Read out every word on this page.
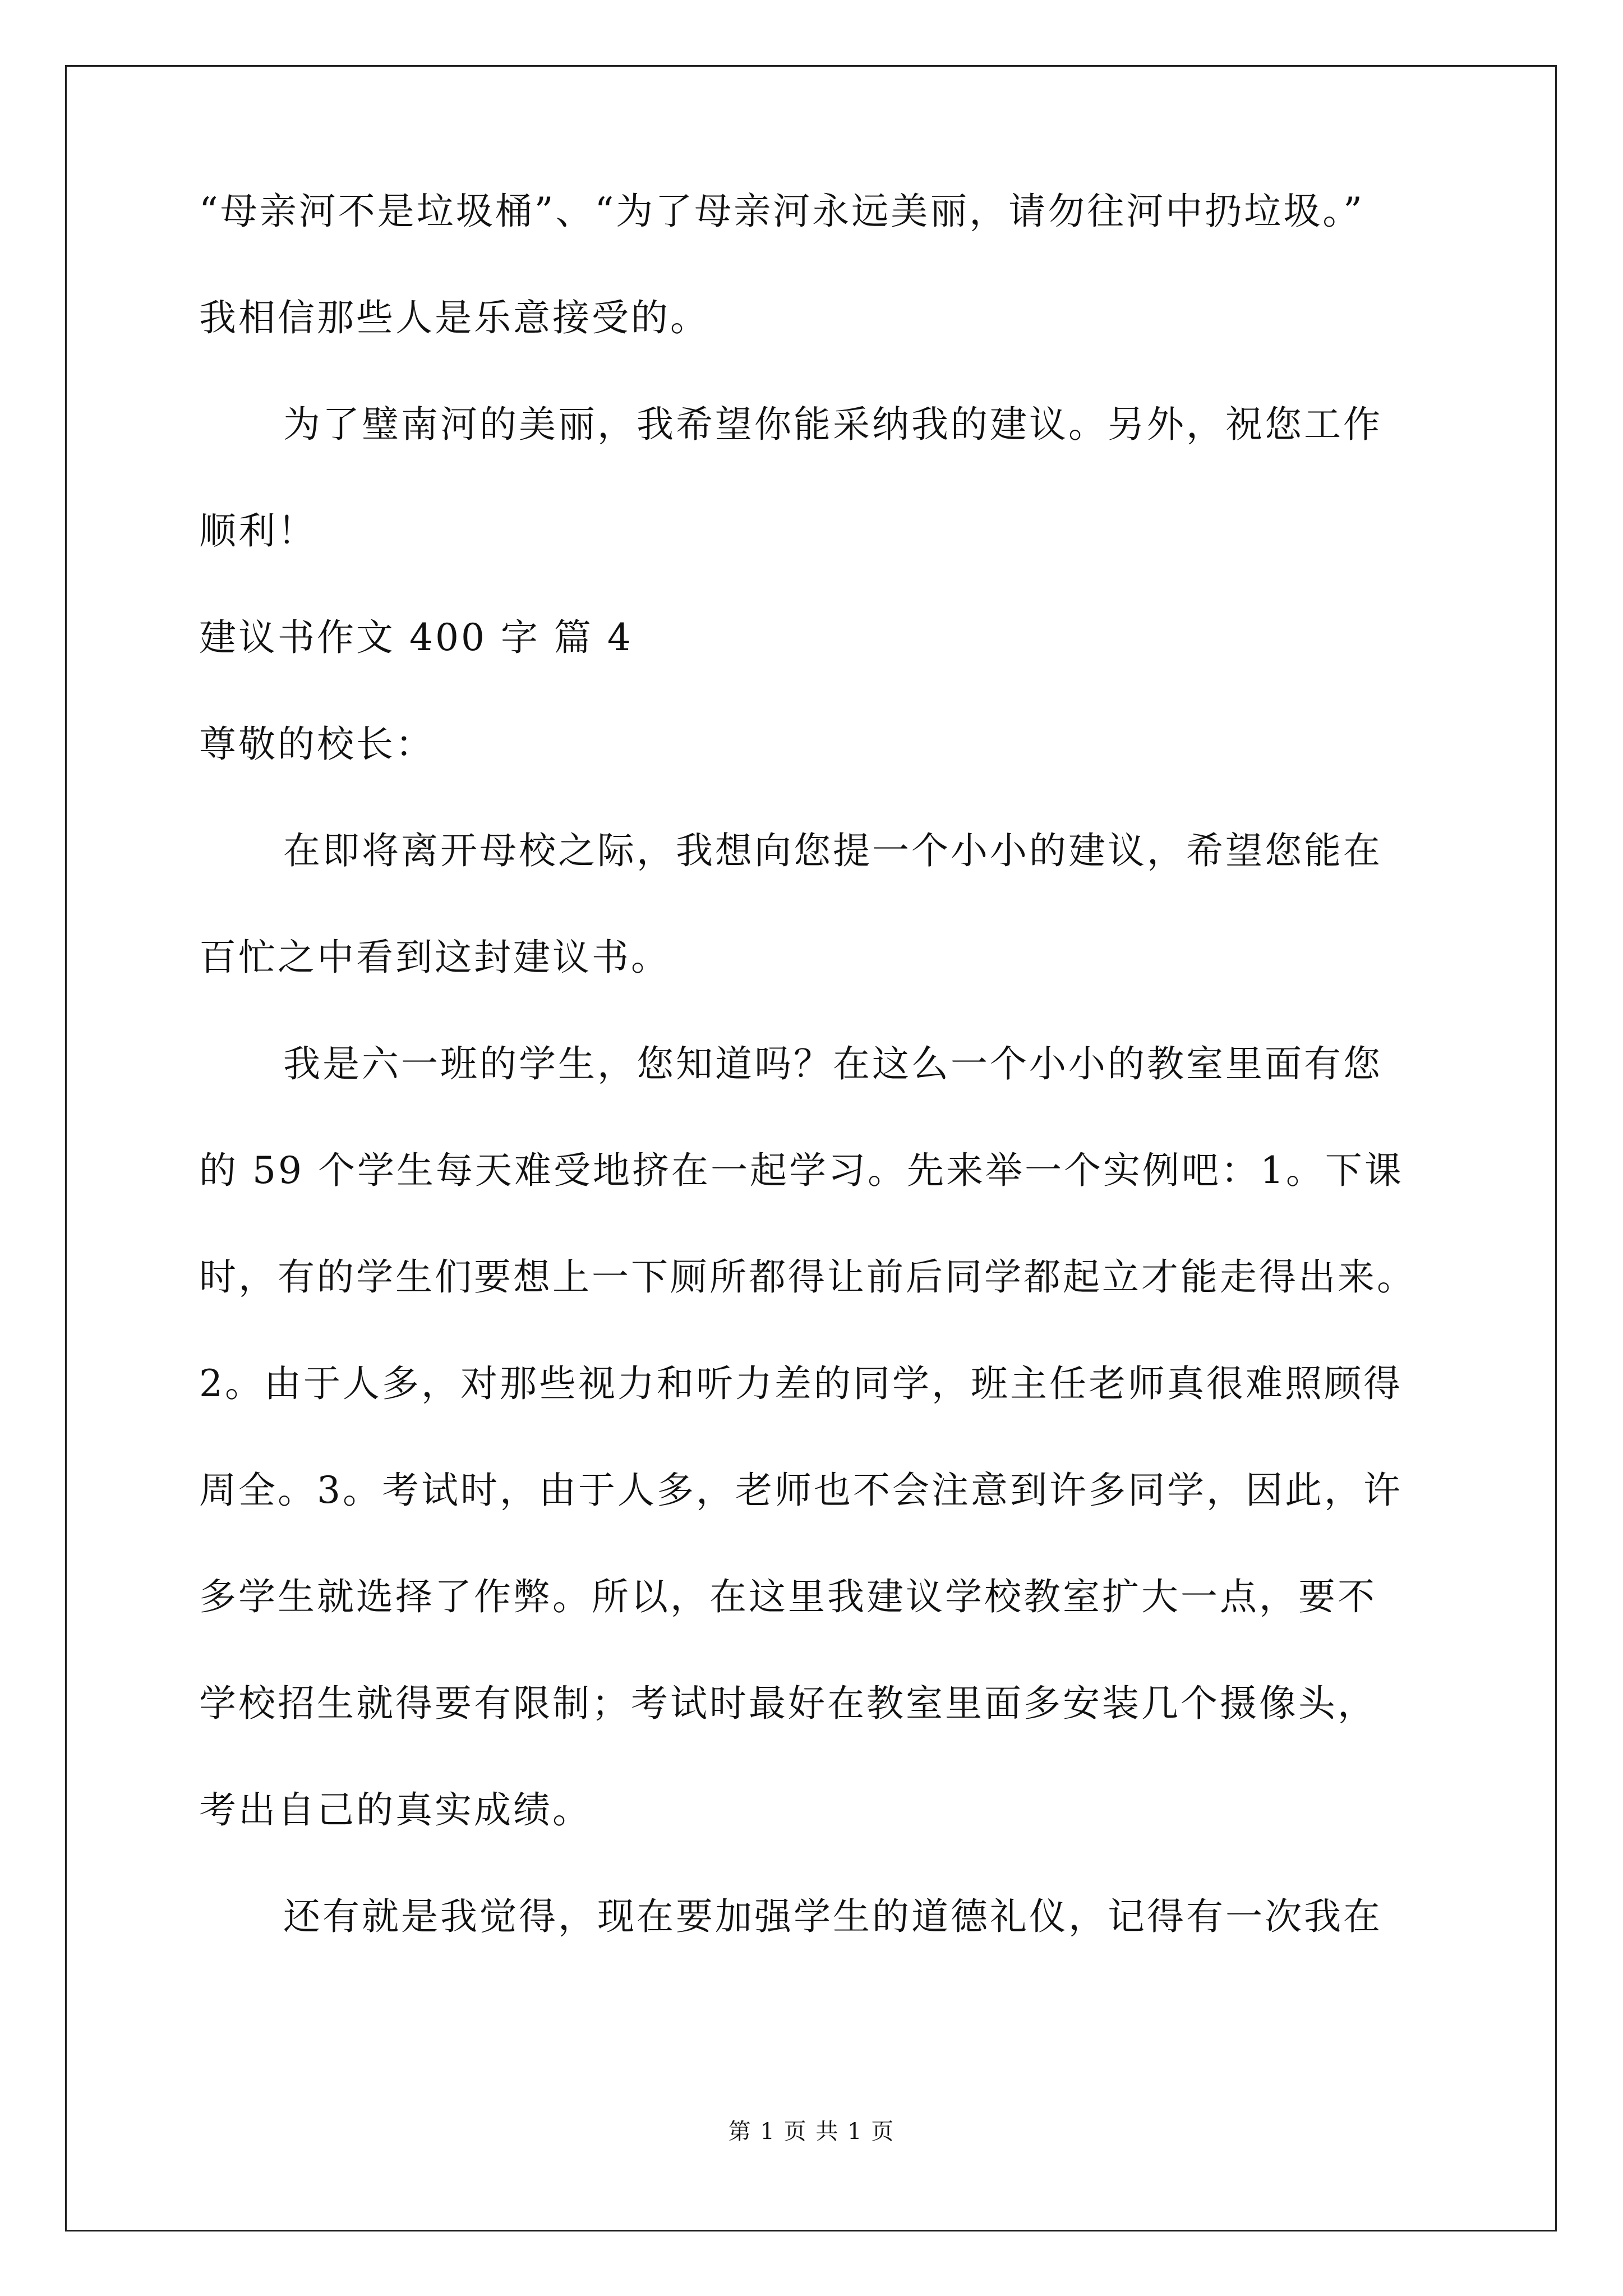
“母亲河不是垃圾桶”、“为了母亲河永远美丽，请勿往河中扔垃圾。”
我相信那些人是乐意接受的。
为了璧南河的美丽，我希望你能采纳我的建议。另外，祝您工作
顺利！
建议书作文 400 字 篇 4
尊敬的校长：
在即将离开母校之际，我想向您提一个小小的建议，希望您能在
百忙之中看到这封建议书。
我是六一班的学生，您知道吗？在这么一个小小的教室里面有您
的 59 个学生每天难受地挤在一起学习。先来举一个实例吧：1。下课
时，有的学生们要想上一下厕所都得让前后同学都起立才能走得出来。
2。由于人多，对那些视力和听力差的同学，班主任老师真很难照顾得
周全。3。考试时，由于人多，老师也不会注意到许多同学，因此，许
多学生就选择了作弊。所以，在这里我建议学校教室扩大一点，要不
学校招生就得要有限制；考试时最好在教室里面多安装几个摄像头，
考出自己的真实成绩。
还有就是我觉得，现在要加强学生的道德礼仪，记得有一次我在
第 1 页 共 1 页
